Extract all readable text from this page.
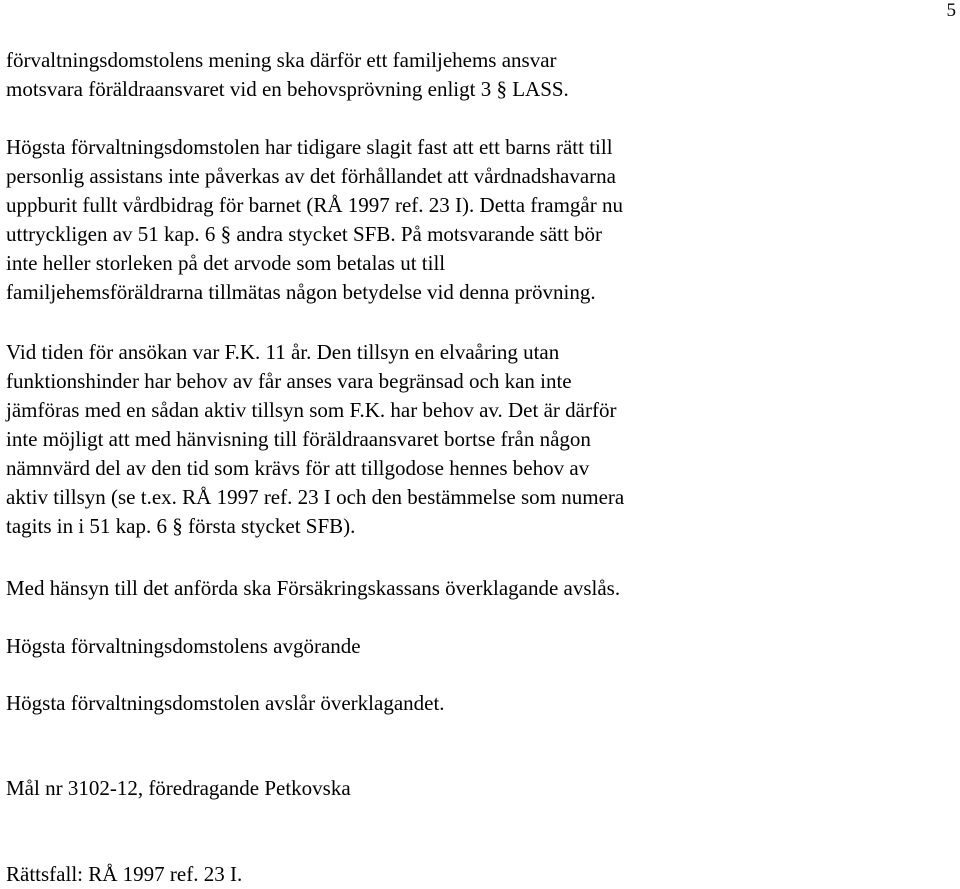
5

förvaltningsdomstolens mening ska därför ett familjehems ansvar
motsvara föräldraansvaret vid en behovsprövning enligt 3 § LASS.

Högsta förvaltningsdomstolen har tidigare slagit fast att ett barns rätt till
personlig assistans inte påverkas av det förhållandet att vårdnadshavarna
uppburit fullt vårdbidrag för barnet (RÅ 1997 ref. 23 I). Detta framgår nu
uttryckligen av 51 kap. 6 § andra stycket SFB. På motsvarande sätt bör
inte heller storleken på det arvode som betalas ut till
familjehemsföräldrarna tillmätas någon betydelse vid denna prövning.

Vid tiden för ansökan var F.K. 11 år. Den tillsyn en elvaåring utan
funktionshinder har behov av får anses vara begränsad och kan inte
jämföras med en sådan aktiv tillsyn som F.K. har behov av. Det är därför
inte möjligt att med hänvisning till föräldraansvaret bortse från någon
nämnvärd del av den tid som krävs för att tillgodose hennes behov av
aktiv tillsyn (se t.ex. RÅ 1997 ref. 23 I och den bestämmelse som numera
tagits in i 51 kap. 6 § första stycket SFB).

Med hänsyn till det anförda ska Försäkringskassans överklagande avslås.

Högsta förvaltningsdomstolens avgörande

Högsta förvaltningsdomstolen avslår överklagandet.

Mål nr 3102-12, föredragande Petkovska

Rättsfall: RÅ 1997 ref. 23 I.
